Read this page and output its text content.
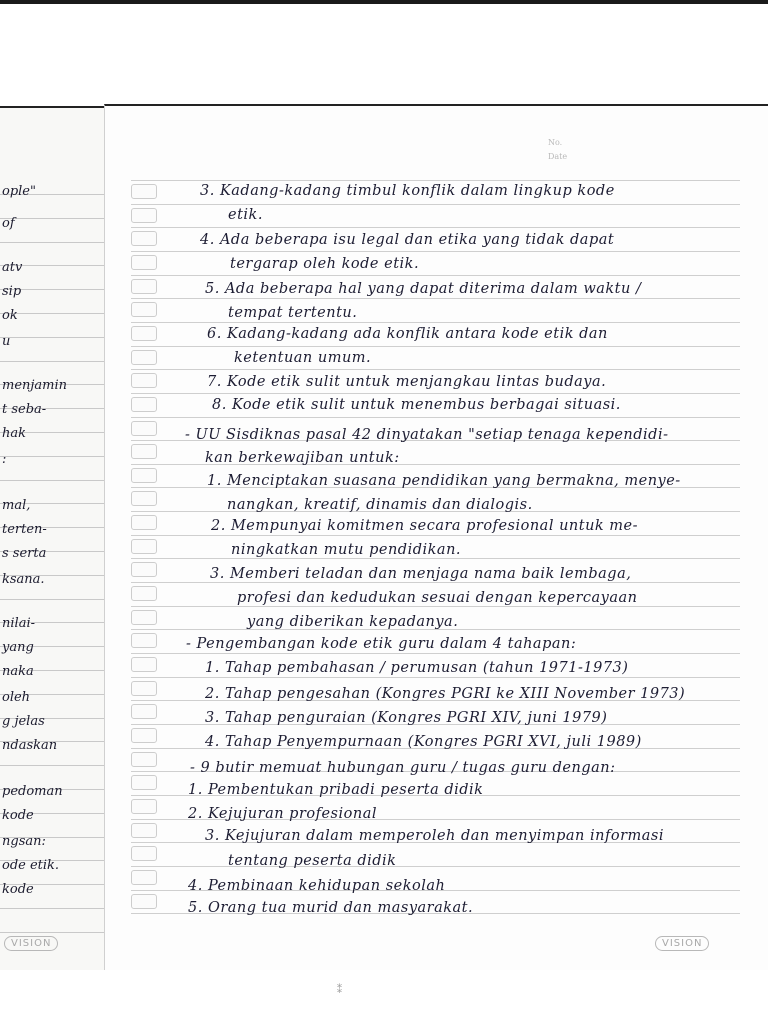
ople"
of
atv
sip
ok
u
menjamin
t seba-
hak
:
mal,
terten-
s serta
ksana.
nilai-
yang
naka
oleh
g jelas
ndaskan
pedoman
kode
ngsan:
ode etik.
kode
No.
Date
3. Kadang-kadang timbul konflik dalam lingkup kode
etik.
4. Ada beberapa isu legal dan etika yang tidak dapat
tergarap oleh kode etik.
5. Ada beberapa hal yang dapat diterima dalam waktu /
tempat tertentu.
6. Kadang-kadang ada konflik antara kode etik dan
ketentuan umum.
7. Kode etik sulit untuk menjangkau lintas budaya.
8. Kode etik sulit untuk menembus berbagai situasi.
- UU Sisdiknas pasal 42 dinyatakan "setiap tenaga kependidi-
kan berkewajiban untuk:
1. Menciptakan suasana pendidikan yang bermakna, menye-
nangkan, kreatif, dinamis dan dialogis.
2. Mempunyai komitmen secara profesional untuk me-
ningkatkan mutu pendidikan.
3. Memberi teladan dan menjaga nama baik lembaga,
profesi dan kedudukan sesuai dengan kepercayaan
yang diberikan kepadanya.
- Pengembangan kode etik guru dalam 4 tahapan:
1. Tahap pembahasan / perumusan (tahun 1971-1973)
2. Tahap pengesahan (Kongres PGRI ke XIII November 1973)
3. Tahap penguraian (Kongres PGRI XIV, juni 1979)
4. Tahap Penyempurnaan (Kongres PGRI XVI, juli 1989)
- 9 butir memuat hubungan guru / tugas guru dengan:
1. Pembentukan pribadi peserta didik
2. Kejujuran profesional
3. Kejujuran dalam memperoleh dan menyimpan informasi
tentang peserta didik
4. Pembinaan kehidupan sekolah
5. Orang tua murid dan masyarakat.
VISION	VISION
⁑
